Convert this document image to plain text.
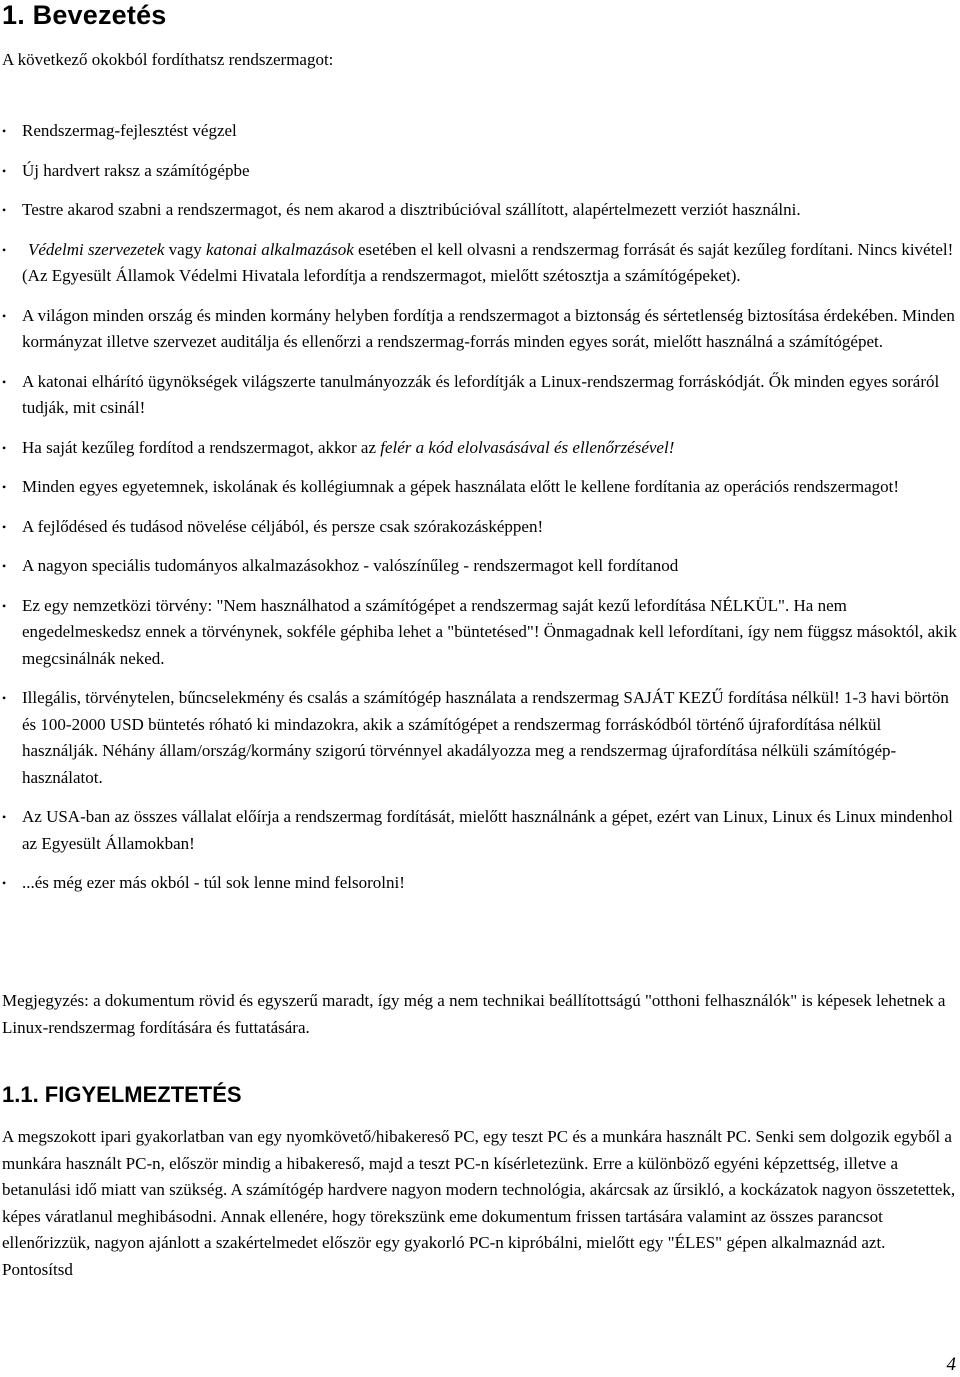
1. Bevezetés

A következő okokból fordíthatsz rendszermagot:

• Rendszermag-fejlesztést végzel
• Új hardvert raksz a számítógépbe
• Testre akarod szabni a rendszermagot, és nem akarod a disztribúcióval szállított, alapértelmezett verziót használni.
• Védelmi szervezetek vagy katonai alkalmazások esetében el kell olvasni a rendszermag forrását és saját kezűleg fordítani. Nincs kivétel! (Az Egyesült Államok Védelmi Hivatala lefordítja a rendszermagot, mielőtt szétosztja a számítógépeket).
• A világon minden ország és minden kormány helyben fordítja a rendszermagot a biztonság és sértetlenség biztosítása érdekében. Minden kormányzat illetve szervezet auditálja és ellenőrzi a rendszermag-forrás minden egyes sorát, mielőtt használná a számítógépet.
• A katonai elhárító ügynökségek világszerte tanulmányozzák és lefordítják a Linux-rendszermag forráskódját. Ők minden egyes soráról tudják, mit csinál!
• Ha saját kezűleg fordítod a rendszermagot, akkor az felér a kód elolvasásával és ellenőrzésével!
• Minden egyes egyetemnek, iskolának és kollégiumnak a gépek használata előtt le kellene fordítania az operációs rendszermagot!
• A fejlődésed és tudásod növelése céljából, és persze csak szórakozásképpen!
• A nagyon speciális tudományos alkalmazásokhoz - valószínűleg - rendszermagot kell fordítanod
• Ez egy nemzetközi törvény: "Nem használhatod a számítógépet a rendszermag saját kezű lefordítása NÉLKÜL". Ha nem engedelmeskedsz ennek a törvénynek, sokféle géphiba lehet a "büntetésed"! Önmagadnak kell lefordítani, így nem függsz másoktól, akik megcsinálnák neked.
• Illegális, törvénytelen, bűncselekmény és csalás a számítógép használata a rendszermag SAJÁT KEZŰ fordítása nélkül! 1-3 havi börtön és 100-2000 USD büntetés róható ki mindazokra, akik a számítógépet a rendszermag forráskódból történő újrafordítása nélkül használják. Néhány állam/ország/kormány szigorú törvénnyel akadályozza meg a rendszermag újrafordítása nélküli számítógép-használatot.
• Az USA-ban az összes vállalat előírja a rendszermag fordítását, mielőtt használnánk a gépet, ezért van Linux, Linux és Linux mindenhol az Egyesült Államokban!
• ...és még ezer más okból - túl sok lenne mind felsorolni!

Megjegyzés: a dokumentum rövid és egyszerű maradt, így még a nem technikai beállítottságú "otthoni felhasználók" is képesek lehetnek a Linux-rendszermag fordítására és futtatására.

1.1. FIGYELMEZTETÉS

A megszokott ipari gyakorlatban van egy nyomkövető/hibakereső PC, egy teszt PC és a munkára használt PC. Senki sem dolgozik egyből a munkára használt PC-n, először mindig a hibakereső, majd a teszt PC-n kísérletezünk. Erre a különböző egyéni képzettség, illetve a betanulási idő miatt van szükség. A számítógép hardvere nagyon modern technológia, akárcsak az űrsikló, a kockázatok nagyon összetettek, képes váratlanul meghibásodni. Annak ellenére, hogy törekszünk eme dokumentum frissen tartására valamint az összes parancsot ellenőrizzük, nagyon ajánlott a szakértelmedet először egy gyakorló PC-n kipróbálni, mielőtt egy "ÉLES" gépen alkalmaznád azt. Pontosítsd

4
